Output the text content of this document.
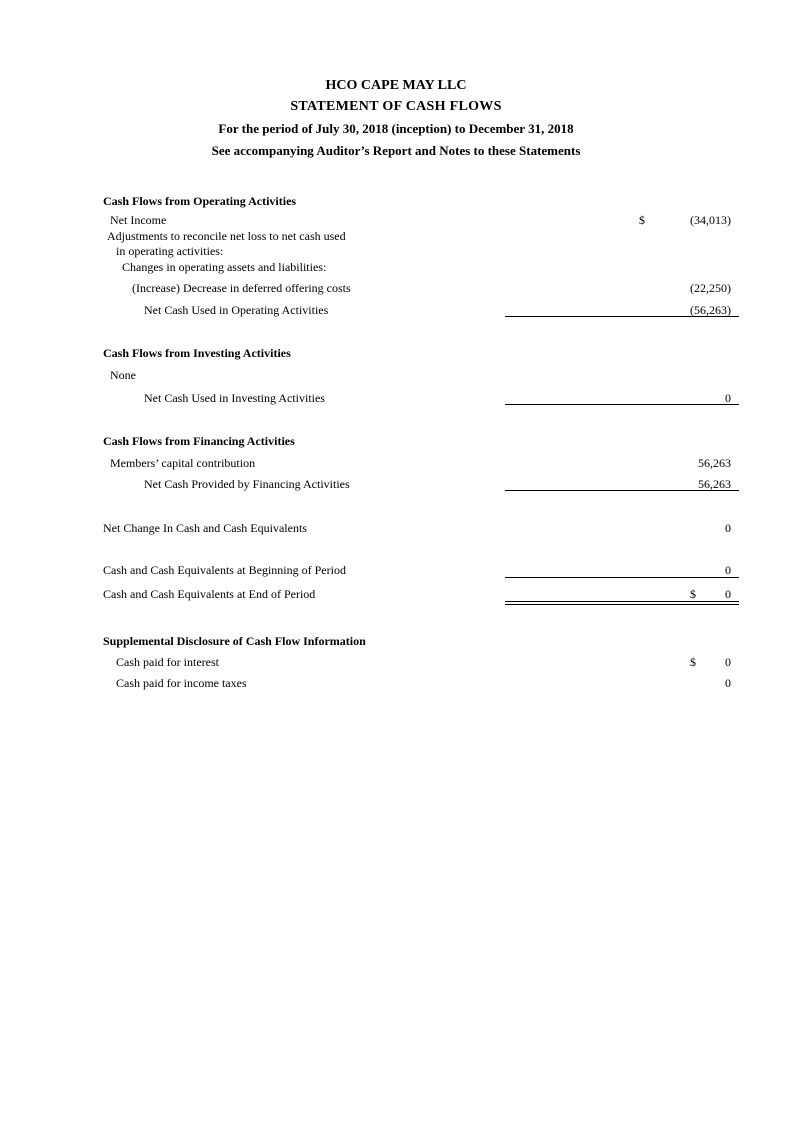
HCO CAPE MAY LLC
STATEMENT OF CASH FLOWS
For the period of July 30, 2018 (inception) to December 31, 2018
See accompanying Auditor’s Report and Notes to these Statements
Cash Flows from Operating Activities
Net Income	$	(34,013)
Adjustments to reconcile net loss to net cash used
in operating activities:
Changes in operating assets and liabilities:
(Increase) Decrease in deferred offering costs	(22,250)
Net Cash Used in Operating Activities	(56,263)
Cash Flows from Investing Activities
None
Net Cash Used in Investing Activities	0
Cash Flows from Financing Activities
Members’ capital contribution	56,263
Net Cash Provided by Financing Activities	56,263
Net Change In Cash and Cash Equivalents	0
Cash and Cash Equivalents at Beginning of Period	0
Cash and Cash Equivalents at End of Period	$ 0
Supplemental Disclosure of Cash Flow Information
Cash paid for interest	$ 0
Cash paid for income taxes	0
